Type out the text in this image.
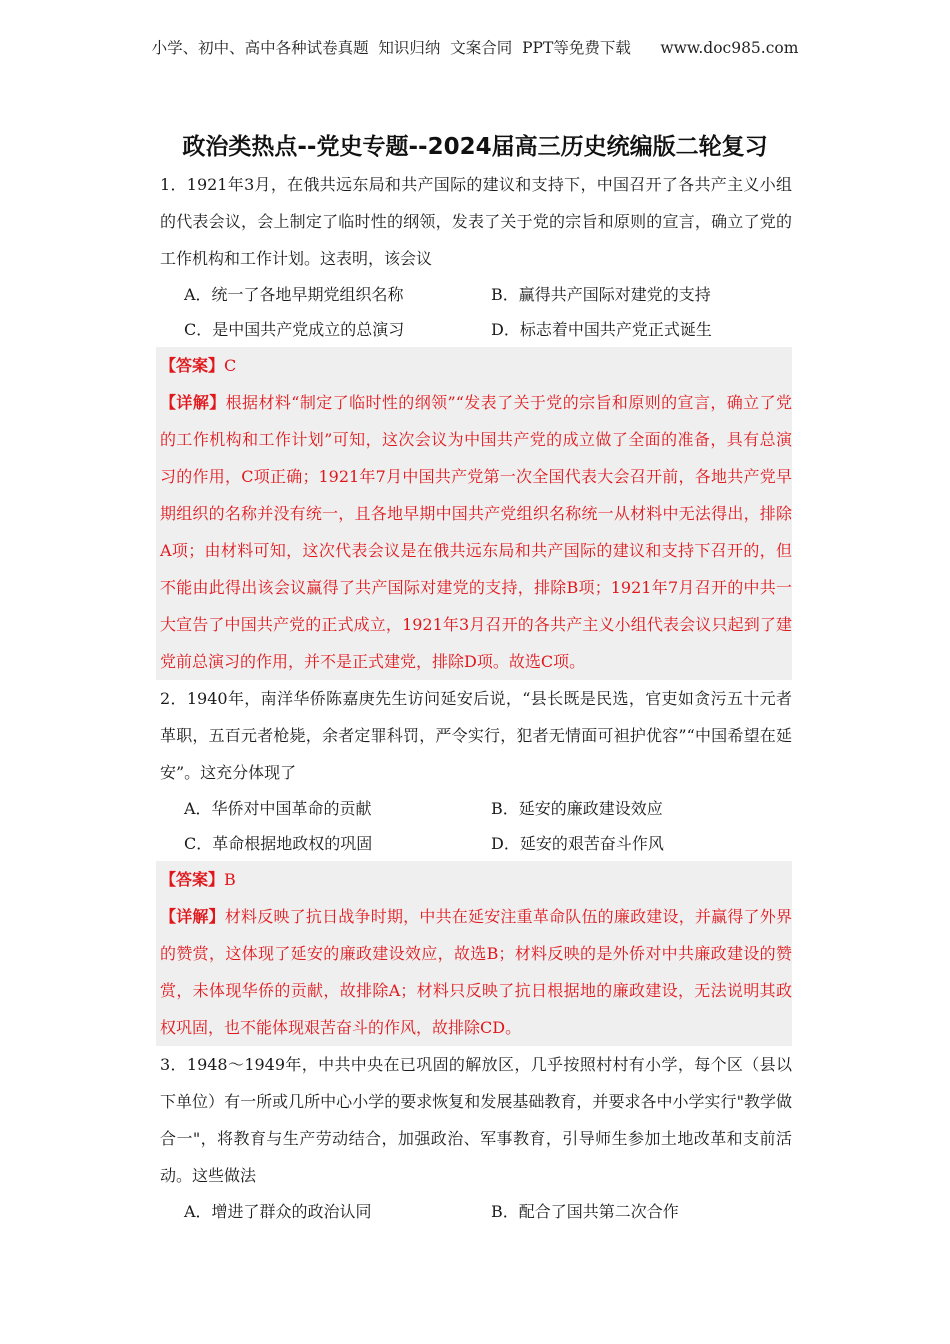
小学、初中、高中各种试卷真题  知识归纳  文案合同  PPT等免费下载      www.doc985.com
政治类热点--党史专题--2024届高三历史统编版二轮复习

1．1921年3月，在俄共远东局和共产国际的建议和支持下，中国召开了各共产主义小组的代表会议，会上制定了临时性的纲领，发表了关于党的宗旨和原则的宣言，确立了党的工作机构和工作计划。这表明，该会议

A．统一了各地早期党组织名称	B．赢得共产国际对建党的支持
C．是中国共产党成立的总演习	D．标志着中国共产党正式诞生

【答案】C

【详解】根据材料“制定了临时性的纲领”“发表了关于党的宗旨和原则的宣言，确立了党的工作机构和工作计划”可知，这次会议为中国共产党的成立做了全面的准备，具有总演习的作用，C项正确；1921年7月中国共产党第一次全国代表大会召开前，各地共产党早期组织的名称并没有统一，且各地早期中国共产党组织名称统一从材料中无法得出，排除A项；由材料可知，这次代表会议是在俄共远东局和共产国际的建议和支持下召开的，但不能由此得出该会议赢得了共产国际对建党的支持，排除B项；1921年7月召开的中共一大宣告了中国共产党的正式成立，1921年3月召开的各共产主义小组代表会议只起到了建党前总演习的作用，并不是正式建党，排除D项。故选C项。

2．1940年，南洋华侨陈嘉庚先生访问延安后说，“县长既是民选，官吏如贪污五十元者革职，五百元者枪毙，余者定罪科罚，严令实行，犯者无情面可袒护优容”“中国希望在延安”。这充分体现了

A．华侨对中国革命的贡献	B．延安的廉政建设效应
C．革命根据地政权的巩固	D．延安的艰苦奋斗作风

【答案】B

【详解】材料反映了抗日战争时期，中共在延安注重革命队伍的廉政建设，并赢得了外界的赞赏，这体现了延安的廉政建设效应，故选B；材料反映的是外侨对中共廉政建设的赞赏，未体现华侨的贡献，故排除A；材料只反映了抗日根据地的廉政建设，无法说明其政权巩固，也不能体现艰苦奋斗的作风，故排除CD。

3．1948～1949年，中共中央在已巩固的解放区，几乎按照村村有小学，每个区（县以下单位）有一所或几所中心小学的要求恢复和发展基础教育，并要求各中小学实行"教学做合一"，将教育与生产劳动结合，加强政治、军事教育，引导师生参加土地改革和支前活动。这些做法

A．增进了群众的政治认同	B．配合了国共第二次合作
